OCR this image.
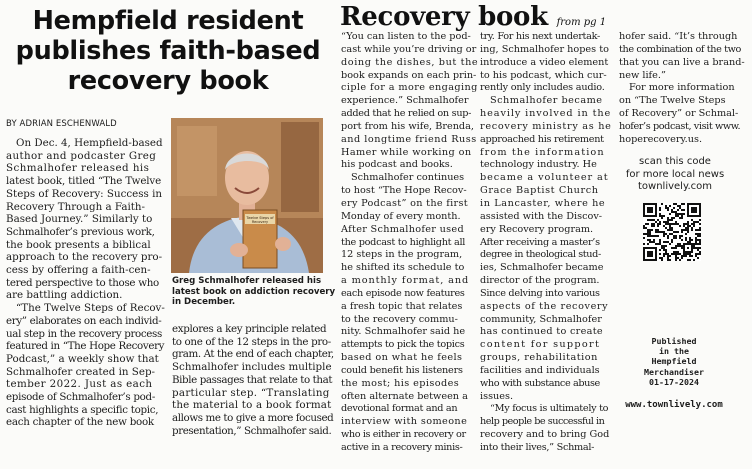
Hempfield resident
publishes faith-based
recovery book
BY ADRIAN ESCHENWALD
On Dec. 4, Hempfield-based
author and podcaster Greg
Schmalhofer released his
latest book, titled “The Twelve
Steps of Recovery: Success in
Recovery Through a Faith-
Based Journey.” Similarly to
Schmalhofer’s previous work,
the book presents a biblical
approach to the recovery pro-
cess by offering a faith-cen-
tered perspective to those who
are battling addiction.
“The Twelve Steps of Recov-
ery” elaborates on each individ-
ual step in the recovery process
featured in “The Hope Recovery
Podcast,” a weekly show that
Schmalhofer created in Sep-
tember 2022. Just as each
episode of Schmalhofer’s pod-
cast highlights a specific topic,
each chapter of the new book
Twelve Steps of Recovery
Greg Schmalhofer released his
latest book on addiction recovery
in December.
explores a key principle related
to one of the 12 steps in the pro-
gram. At the end of each chapter,
Schmalhofer includes multiple
Bible passages that relate to that
particular step. “Translating
the material to a book format
allows me to give a more focused
presentation,” Schmalhofer said.
Recovery book from pg 1
“You can listen to the pod-
cast while you’re driving or
doing the dishes, but the
book expands on each prin-
ciple for a more engaging
experience.” Schmalhofer
added that he relied on sup-
port from his wife, Brenda,
and longtime friend Russ
Hamer while working on
his podcast and books.
Schmalhofer continues
to host “The Hope Recov-
ery Podcast” on the first
Monday of every month.
After Schmalhofer used
the podcast to highlight all
12 steps in the program,
he shifted its schedule to
a monthly format, and
each episode now features
a fresh topic that relates
to the recovery commu-
nity. Schmalhofer said he
attempts to pick the topics
based on what he feels
could benefit his listeners
the most; his episodes
often alternate between a
devotional format and an
interview with someone
who is either in recovery or
active in a recovery minis-
try. For his next undertak-
ing, Schmalhofer hopes to
introduce a video element
to his podcast, which cur-
rently only includes audio.
Schmalhofer became
heavily involved in the
recovery ministry as he
approached his retirement
from the information
technology industry. He
became a volunteer at
Grace Baptist Church
in Lancaster, where he
assisted with the Discov-
ery Recovery program.
After receiving a master’s
degree in theological stud-
ies, Schmalhofer became
director of the program.
Since delving into various
aspects of the recovery
community, Schmalhofer
has continued to create
content for support
groups, rehabilitation
facilities and individuals
who with substance abuse
issues.
“My focus is ultimately to
help people be successful in
recovery and to bring God
into their lives,” Schmal-
hofer said. “It’s through
the combination of the two
that you can live a brand-
new life.”
For more information
on “The Twelve Steps
of Recovery” or Schmal-
hofer’s podcast, visit www.
hoperecovery.us.
scan this code
for more local news
townlively.com
Published
in the
Hempfield
Merchandiser
01-17-2024
www.townlively.com
